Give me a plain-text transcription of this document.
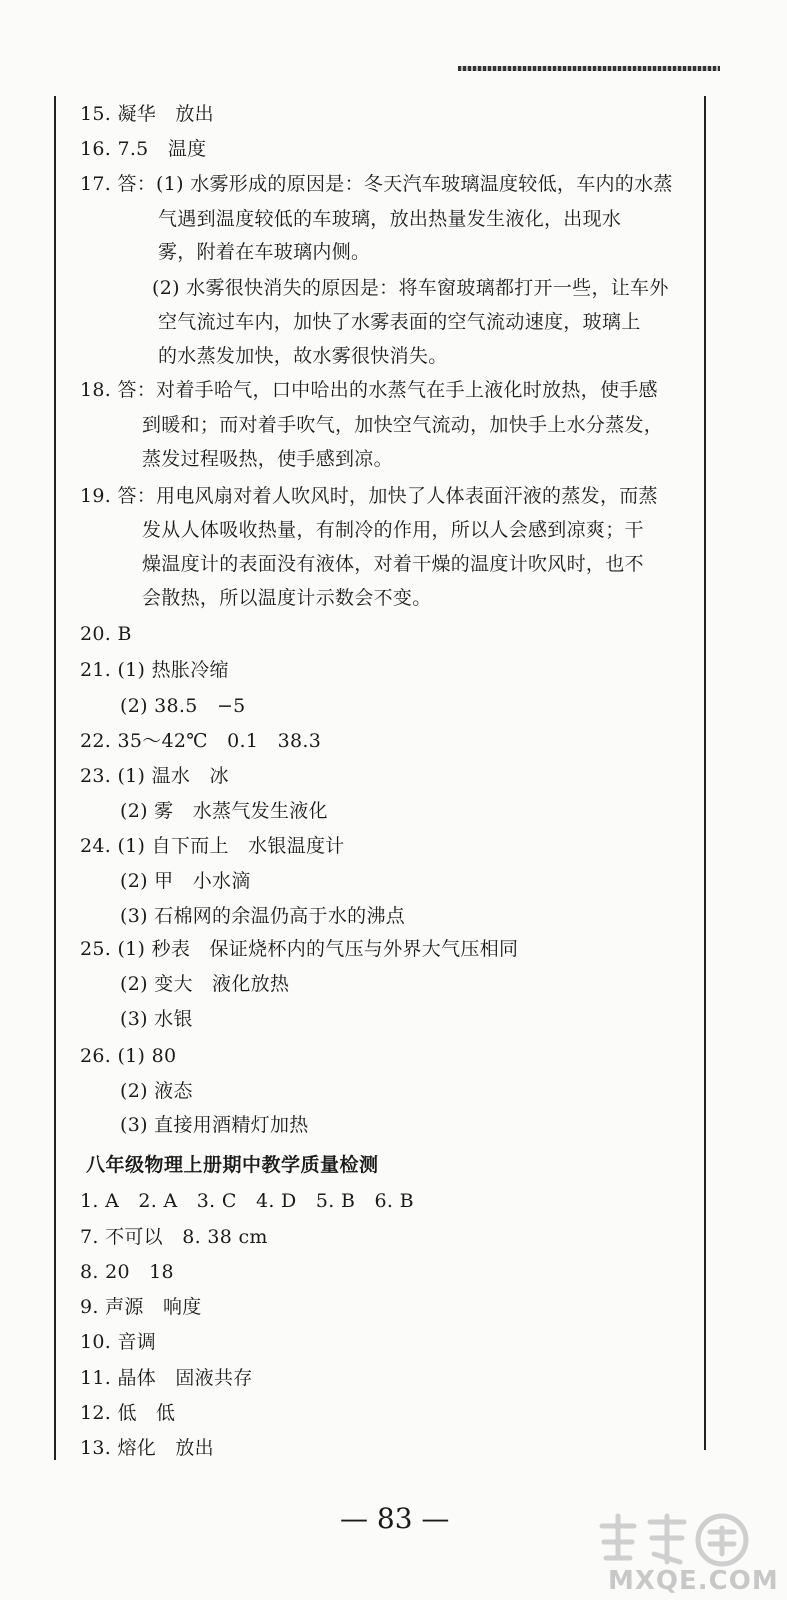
15. 凝华　放出
16. 7.5　温度
17. 答：(1) 水雾形成的原因是：冬天汽车玻璃温度较低，车内的水蒸
气遇到温度较低的车玻璃，放出热量发生液化，出现水
雾，附着在车玻璃内侧。
(2) 水雾很快消失的原因是：将车窗玻璃都打开一些，让车外
空气流过车内，加快了水雾表面的空气流动速度，玻璃上
的水蒸发加快，故水雾很快消失。
18. 答：对着手哈气，口中哈出的水蒸气在手上液化时放热，使手感
到暖和；而对着手吹气，加快空气流动，加快手上水分蒸发，
蒸发过程吸热，使手感到凉。
19. 答：用电风扇对着人吹风时，加快了人体表面汗液的蒸发，而蒸
发从人体吸收热量，有制冷的作用，所以人会感到凉爽；干
燥温度计的表面没有液体，对着干燥的温度计吹风时，也不
会散热，所以温度计示数会不变。
20. B
21. (1) 热胀冷缩
(2) 38.5　−5
22. 35～42℃　0.1　38.3
23. (1) 温水　冰
(2) 雾　水蒸气发生液化
24. (1) 自下而上　水银温度计
(2) 甲　小水滴
(3) 石棉网的余温仍高于水的沸点
25. (1) 秒表　保证烧杯内的气压与外界大气压相同
(2) 变大　液化放热
(3) 水银
26. (1) 80
(2) 液态
(3) 直接用酒精灯加热
八年级物理上册期中教学质量检测
1. A　2. A　3. C　4. D　5. B　6. B
7. 不可以　8. 38 cm
8. 20　18
9. 声源　响度
10. 音调
11. 晶体　固液共存
12. 低　低
13. 熔化　放出
— 83 —
MXQE.COM
